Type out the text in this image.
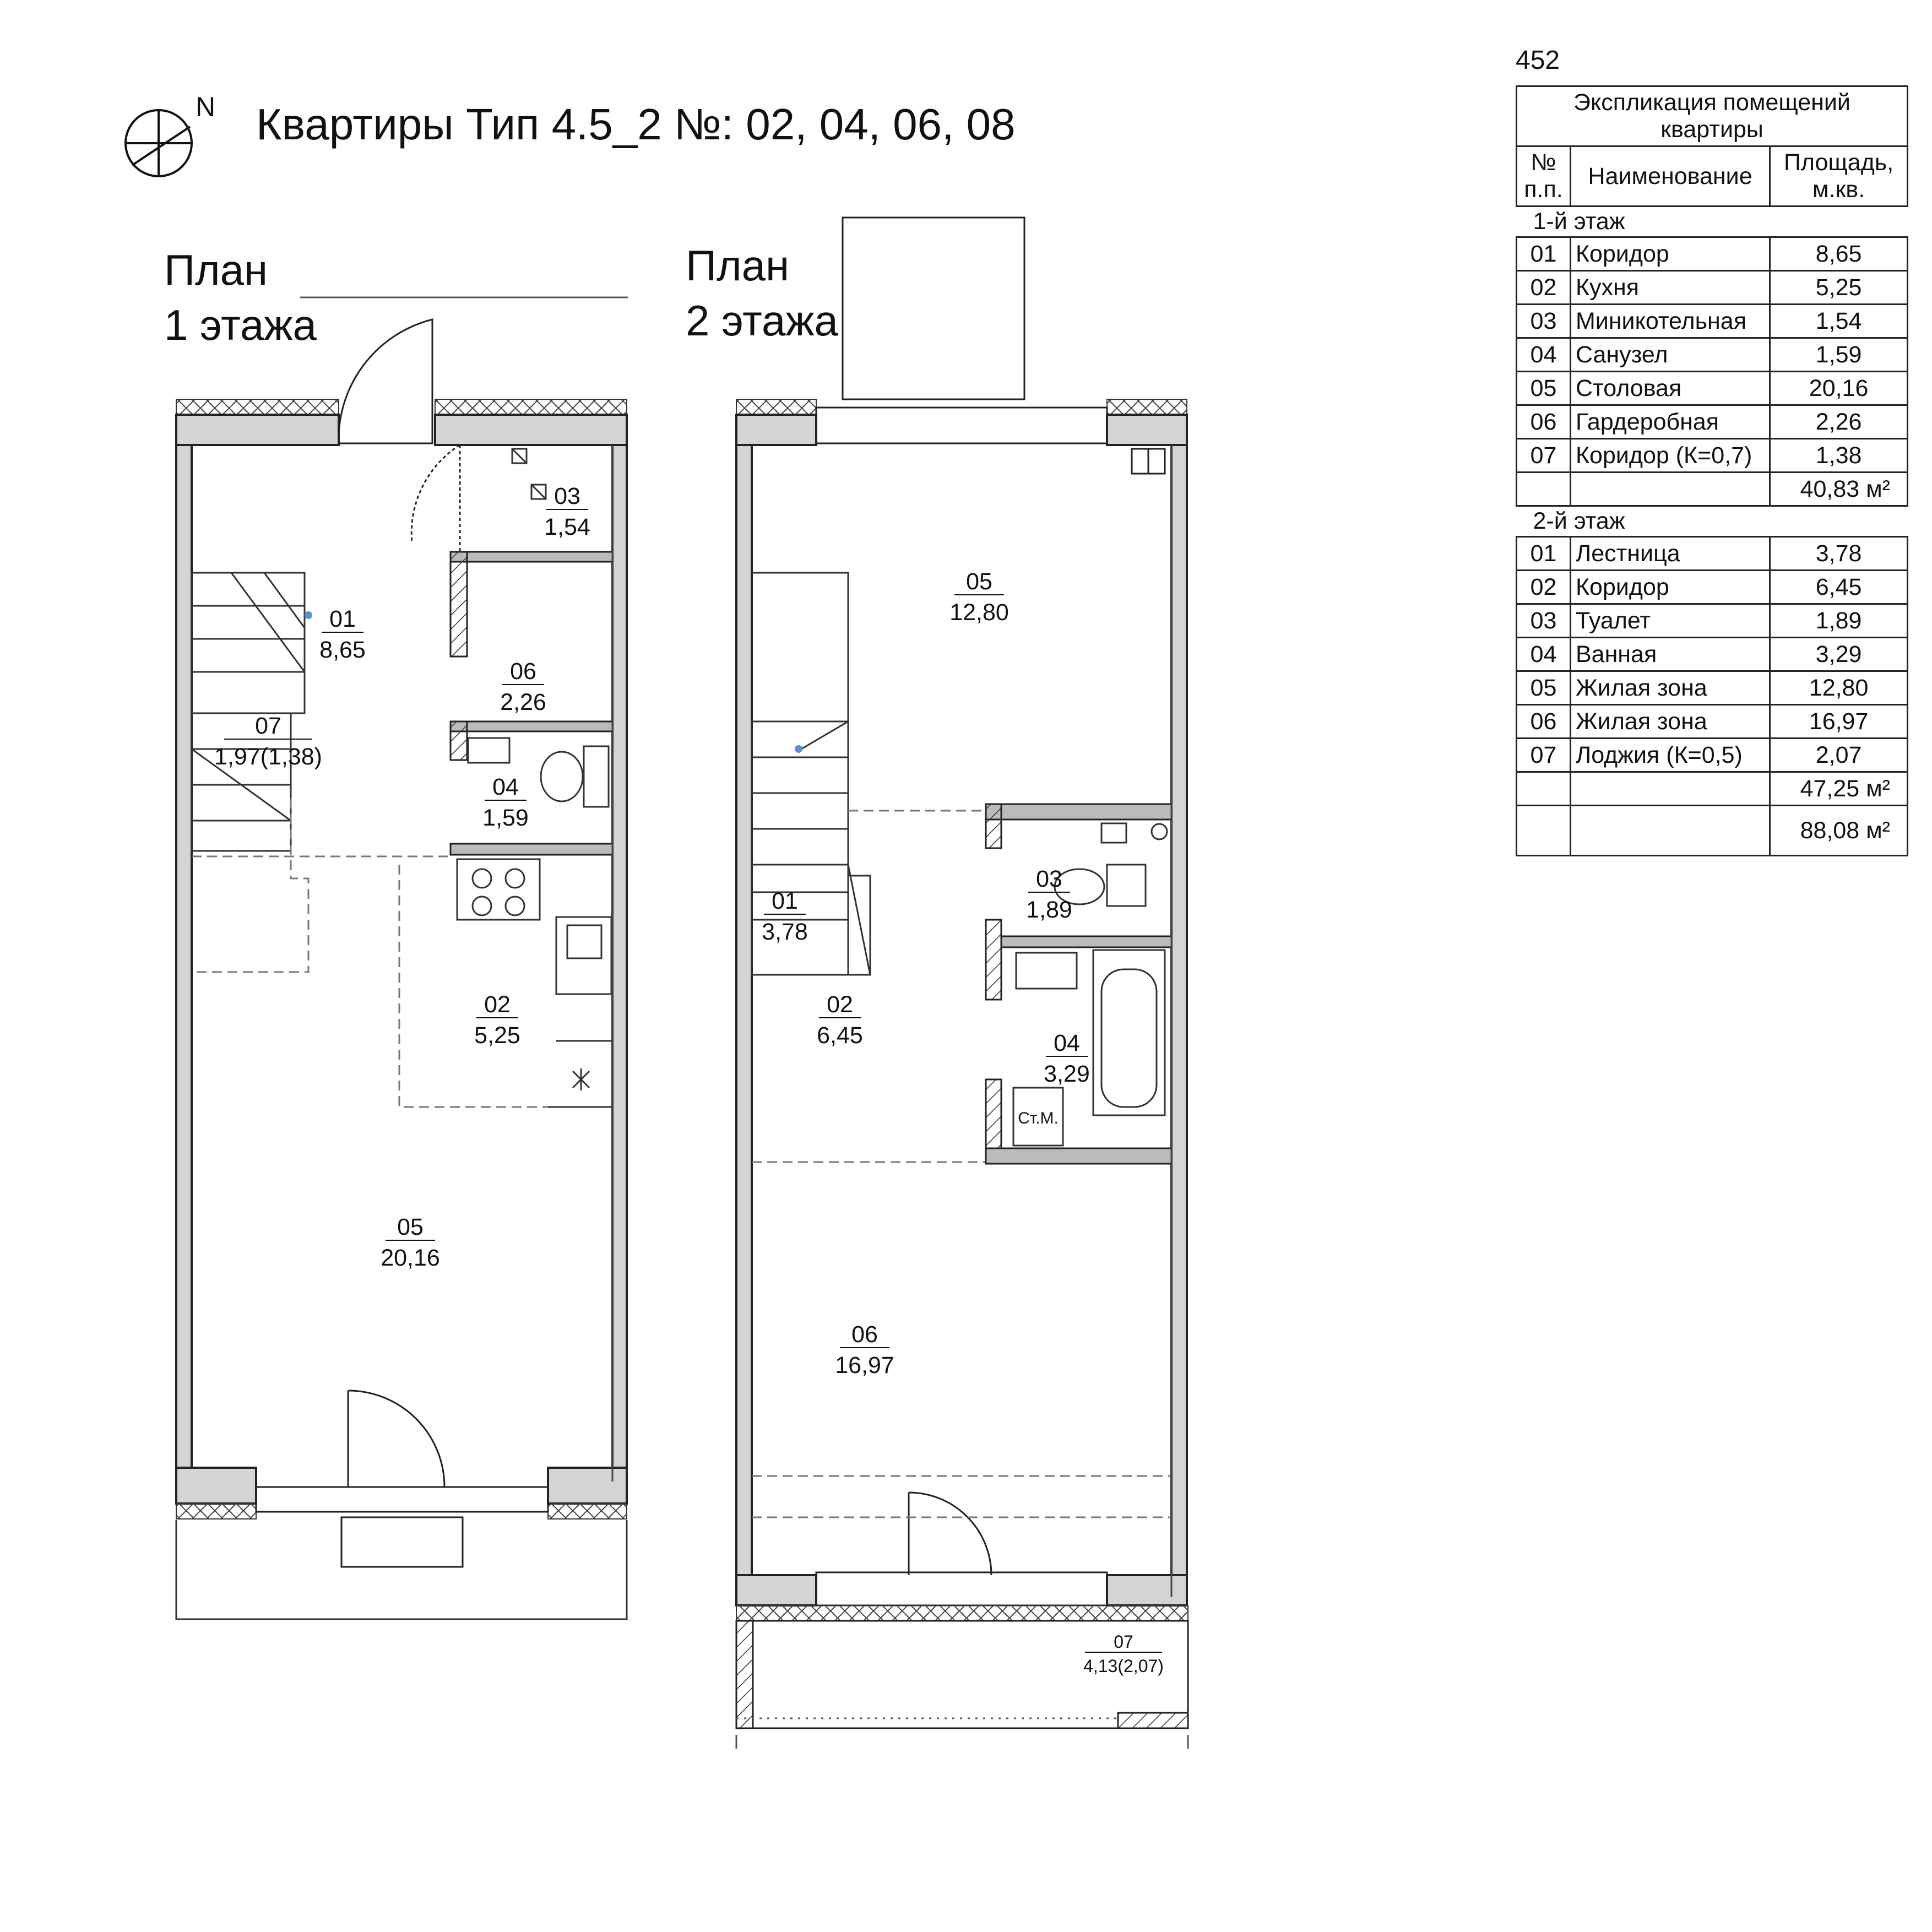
01
8,65
02
5,25
03
1,54
04
1,59
05
20,16
06
2,26
07
1,97(1,38)
01
3,78
02
6,45
03
1,89
04
3,29
05
12,80
06
16,97
07
4,13(2,07)
Ст.М.
N Квартиры Тип 4.5_2 №: 02, 04, 06, 08
План
1 этажа
План
2 этажа
452
Экспликация помещений квартиры		
№ п.п.	Наименование	Площадь, м.кв.
1-й этаж		
01	Коридор	8,65
02	Кухня	5,25
03	Миникотельная	1,54
04	Санузел	1,59
05	Столовая	20,16
06	Гардеробная	2,26
07	Коридор (К=0,7)	1,38
		40,83 м²
2-й этаж		
01	Лестница	3,78
02	Коридор	6,45
03	Туалет	1,89
04	Ванная	3,29
05	Жилая зона	12,80
06	Жилая зона	16,97
07	Лоджия (К=0,5)	2,07
		47,25 м²
		88,08 м²
